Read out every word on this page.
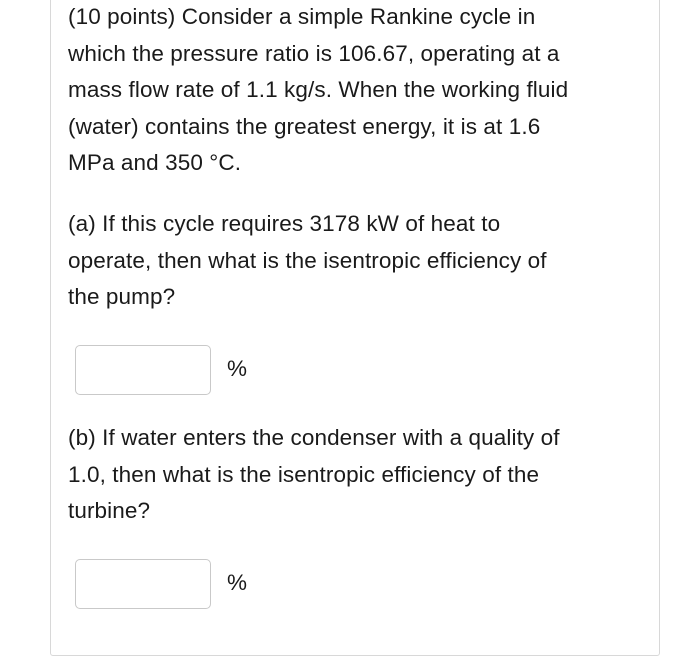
(10 points) Consider a simple Rankine cycle in
which the pressure ratio is 106.67, operating at a
mass flow rate of 1.1 kg/s. When the working fluid
(water) contains the greatest energy, it is at 1.6
MPa and 350 °C.

(a) If this cycle requires 3178 kW of heat to
operate, then what is the isentropic efficiency of
the pump?

%

(b) If water enters the condenser with a quality of
1.0, then what is the isentropic efficiency of the
turbine?

%
